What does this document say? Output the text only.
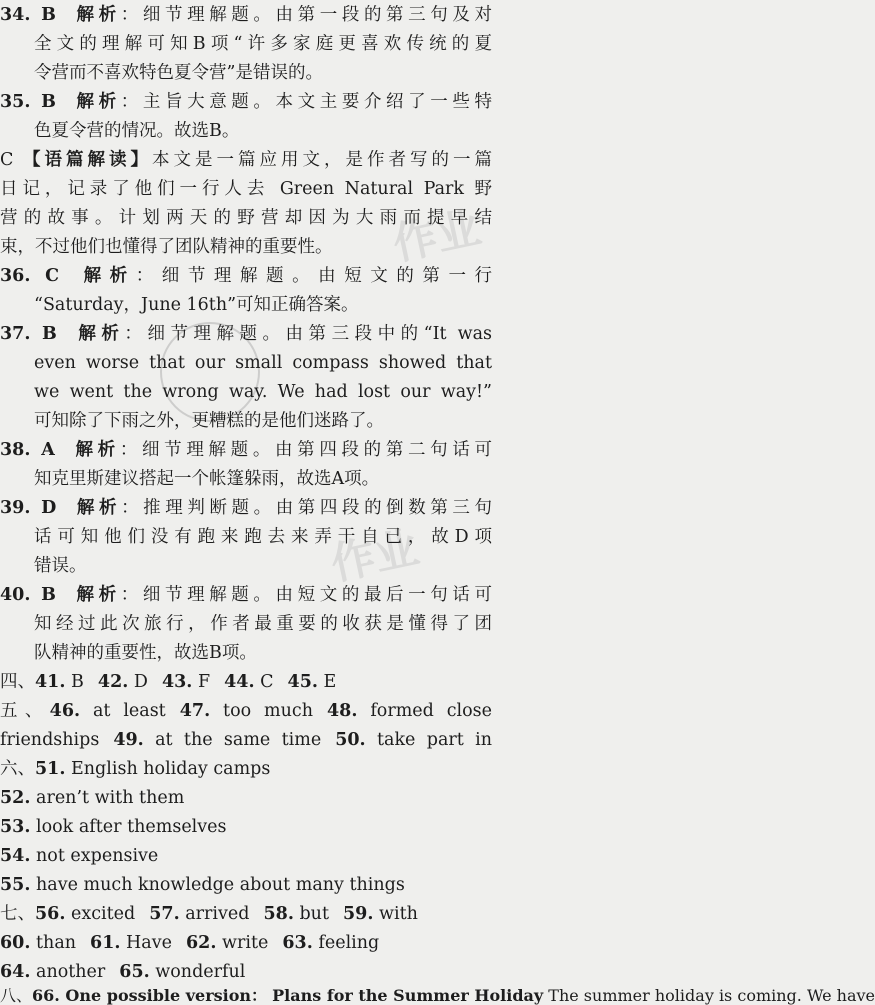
作业
作业
34. B 解析：细节理解题。由第一段的第三句及对
全文的理解可知B项“许多家庭更喜欢传统的夏
令营而不喜欢特色夏令营”是错误的。
35. B 解析：主旨大意题。本文主要介绍了一些特
色夏令营的情况。故选B。
C 【语篇解读】本文是一篇应用文，是作者写的一篇
日记，记录了他们一行人去 Green Natural Park 野
营的故事。计划两天的野营却因为大雨而提早结
束，不过他们也懂得了团队精神的重要性。
36. C 解析：细节理解题。由短文的第一行
“Saturday，June 16th”可知正确答案。
37. B 解析：细节理解题。由第三段中的“It was
even worse that our small compass showed that
we went the wrong way. We had lost our way!”
可知除了下雨之外，更糟糕的是他们迷路了。
38. A 解析：细节理解题。由第四段的第二句话可
知克里斯建议搭起一个帐篷躲雨，故选A项。
39. D 解析：推理判断题。由第四段的倒数第三句
话可知他们没有跑来跑去来弄干自己，故D项
错误。
40. B 解析：细节理解题。由短文的最后一句话可
知经过此次旅行，作者最重要的收获是懂得了团
队精神的重要性，故选B项。
四、41. B 42. D 43. F 44. C 45. E
五、46. at least 47. too much 48. formed close
friendships 49. at the same time 50. take part in
六、51. English holiday camps
52. aren’t with them
53. look after themselves
54. not expensive
55. have much knowledge about many things
七、56. excited 57. arrived 58. but 59. with
60. than 61. Have 62. write 63. feeling
64. another 65. wonderful
八、66. One possible version： Plans for the Summer Holiday The summer holiday is coming. We have
